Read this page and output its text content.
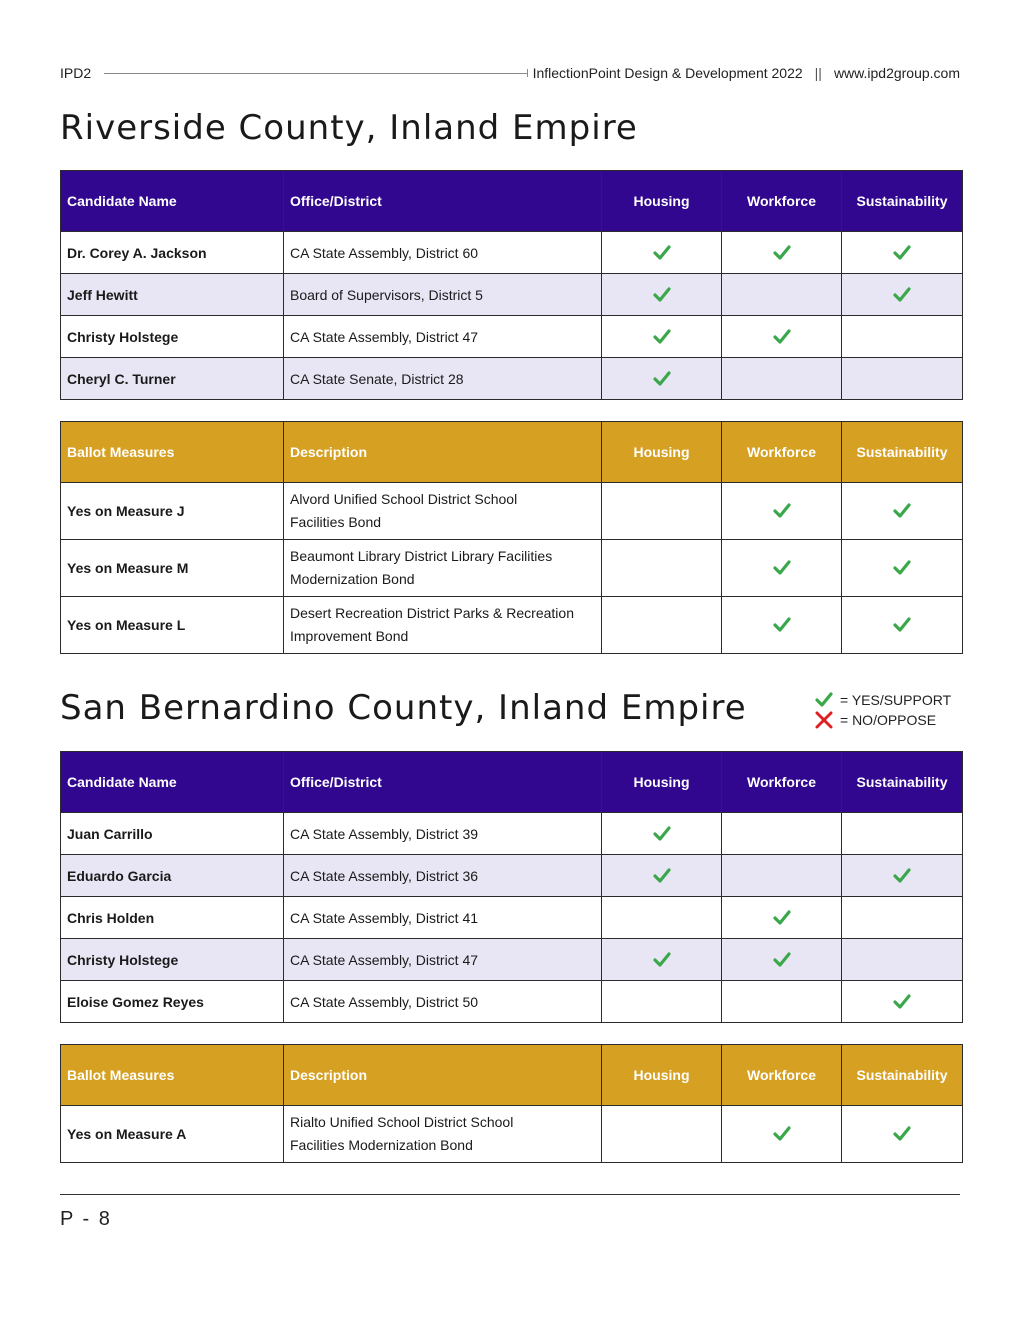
IPD2	InflectionPoint Design & Development 2022 || www.ipd2group.com
Riverside County, Inland Empire
Candidate Name	Office/District	Housing	Workforce	Sustainability
Dr. Corey A. Jackson	CA State Assembly, District 60			
Jeff Hewitt	Board of Supervisors, District 5			
Christy Holstege	CA State Assembly, District 47			
Cheryl C. Turner	CA State Senate, District 28			
Ballot Measures	Description	Housing	Workforce	Sustainability
Yes on Measure J	Alvord Unified School District School
Facilities Bond

Yes on Measure M	Beaumont Library District Library Facilities
Modernization Bond

Yes on Measure L	Desert Recreation District Parks & Recreation
Improvement Bond

San Bernardino County, Inland Empire	= YES/SUPPORT
= NO/OPPOSE
Candidate Name	Office/District	Housing	Workforce	Sustainability
Juan Carrillo	CA State Assembly, District 39			
Eduardo Garcia	CA State Assembly, District 36			
Chris Holden	CA State Assembly, District 41			
Christy Holstege	CA State Assembly, District 47			
Eloise Gomez Reyes	CA State Assembly, District 50			
Ballot Measures	Description	Housing	Workforce	Sustainability
Yes on Measure A	Rialto Unified School District School
Facilities Modernization Bond

P - 8
